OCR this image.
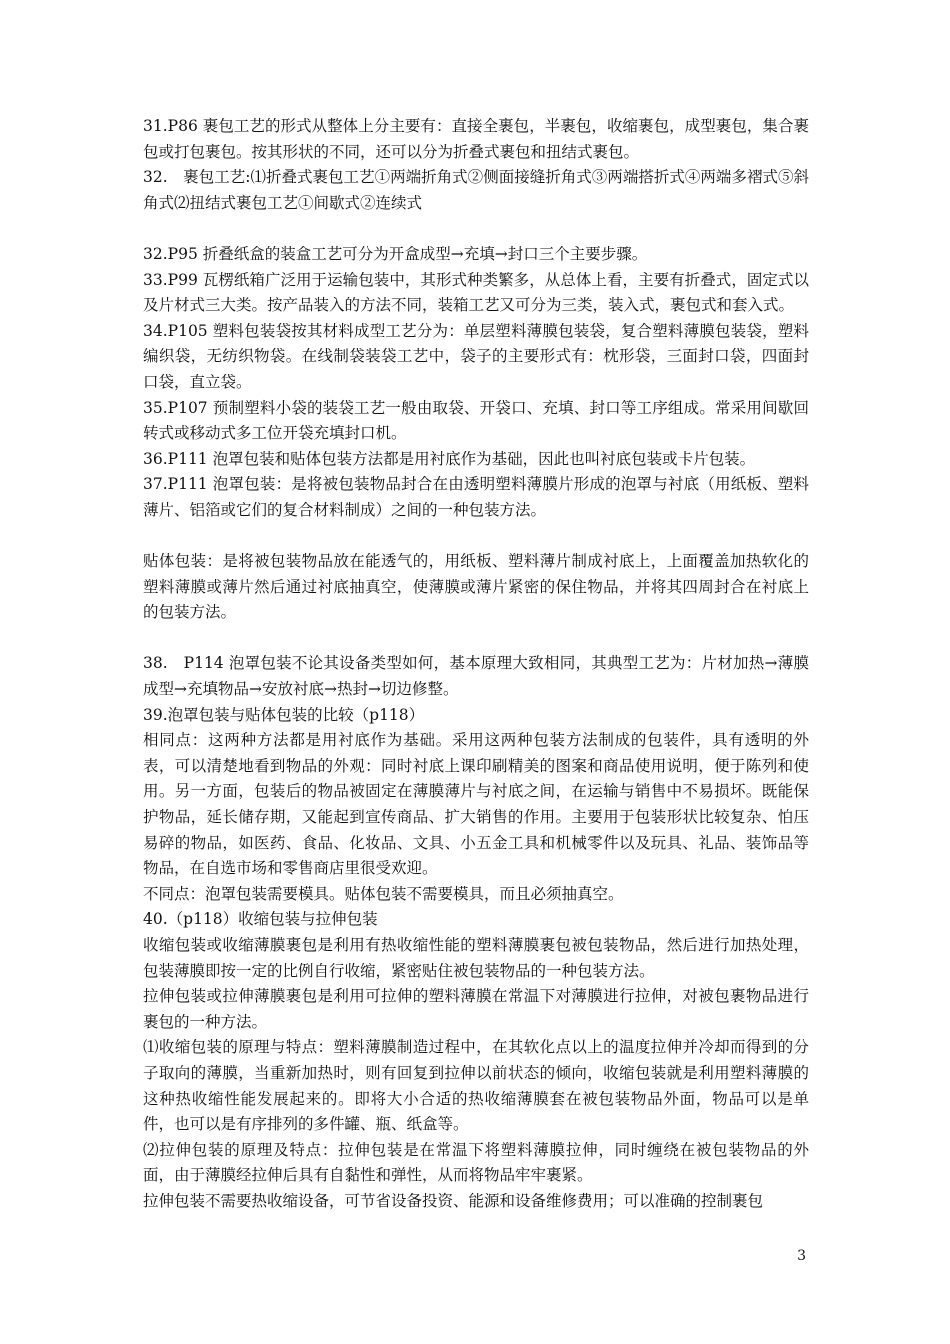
31.P86 裹包工艺的形式从整体上分主要有：直接全裹包，半裹包，收缩裹包，成型裹包，集合裹包或打包裹包。按其形状的不同，还可以分为折叠式裹包和扭结式裹包。

32.　裹包工艺:⑴折叠式裹包工艺①两端折角式②侧面接缝折角式③两端搭折式④两端多褶式⑤斜角式⑵扭结式裹包工艺①间歇式②连续式

32.P95 折叠纸盒的装盒工艺可分为开盒成型→充填→封口三个主要步骤。

33.P99 瓦楞纸箱广泛用于运输包装中，其形式种类繁多，从总体上看，主要有折叠式，固定式以及片材式三大类。按产品装入的方法不同，装箱工艺又可分为三类，装入式，裹包式和套入式。

34.P105 塑料包装袋按其材料成型工艺分为：单层塑料薄膜包装袋，复合塑料薄膜包装袋，塑料编织袋，无纺织物袋。在线制袋装袋工艺中，袋子的主要形式有：枕形袋，三面封口袋，四面封口袋，直立袋。

35.P107 预制塑料小袋的装袋工艺一般由取袋、开袋口、充填、封口等工序组成。常采用间歇回转式或移动式多工位开袋充填封口机。

36.P111 泡罩包装和贴体包装方法都是用衬底作为基础，因此也叫衬底包装或卡片包装。

37.P111 泡罩包装：是将被包装物品封合在由透明塑料薄膜片形成的泡罩与衬底（用纸板、塑料薄片、铝箔或它们的复合材料制成）之间的一种包装方法。

贴体包装：是将被包装物品放在能透气的，用纸板、塑料薄片制成衬底上，上面覆盖加热软化的塑料薄膜或薄片然后通过衬底抽真空，使薄膜或薄片紧密的保住物品，并将其四周封合在衬底上的包装方法。

38.　P114 泡罩包装不论其设备类型如何，基本原理大致相同，其典型工艺为：片材加热→薄膜成型→充填物品→安放衬底→热封→切边修整。

39.泡罩包装与贴体包装的比较（p118）

相同点：这两种方法都是用衬底作为基础。采用这两种包装方法制成的包装件，具有透明的外表，可以清楚地看到物品的外观：同时衬底上课印刷精美的图案和商品使用说明，便于陈列和使用。另一方面，包装后的物品被固定在薄膜薄片与衬底之间，在运输与销售中不易损坏。既能保护物品，延长储存期，又能起到宣传商品、扩大销售的作用。主要用于包装形状比较复杂、怕压易碎的物品，如医药、食品、化妆品、文具、小五金工具和机械零件以及玩具、礼品、装饰品等物品，在自选市场和零售商店里很受欢迎。

不同点：泡罩包装需要模具。贴体包装不需要模具，而且必须抽真空。

40.（p118）收缩包装与拉伸包装

收缩包装或收缩薄膜裹包是利用有热收缩性能的塑料薄膜裹包被包装物品，然后进行加热处理，包装薄膜即按一定的比例自行收缩，紧密贴住被包装物品的一种包装方法。

拉伸包装或拉伸薄膜裹包是利用可拉伸的塑料薄膜在常温下对薄膜进行拉伸，对被包裹物品进行裹包的一种方法。

⑴收缩包装的原理与特点：塑料薄膜制造过程中，在其软化点以上的温度拉伸并冷却而得到的分子取向的薄膜，当重新加热时，则有回复到拉伸以前状态的倾向，收缩包装就是利用塑料薄膜的这种热收缩性能发展起来的。即将大小合适的热收缩薄膜套在被包装物品外面，物品可以是单件，也可以是有序排列的多件罐、瓶、纸盒等。

⑵拉伸包装的原理及特点：拉伸包装是在常温下将塑料薄膜拉伸，同时缠绕在被包装物品的外面，由于薄膜经拉伸后具有自黏性和弹性，从而将物品牢牢裹紧。

拉伸包装不需要热收缩设备，可节省设备投资、能源和设备维修费用；可以准确的控制裹包

3
